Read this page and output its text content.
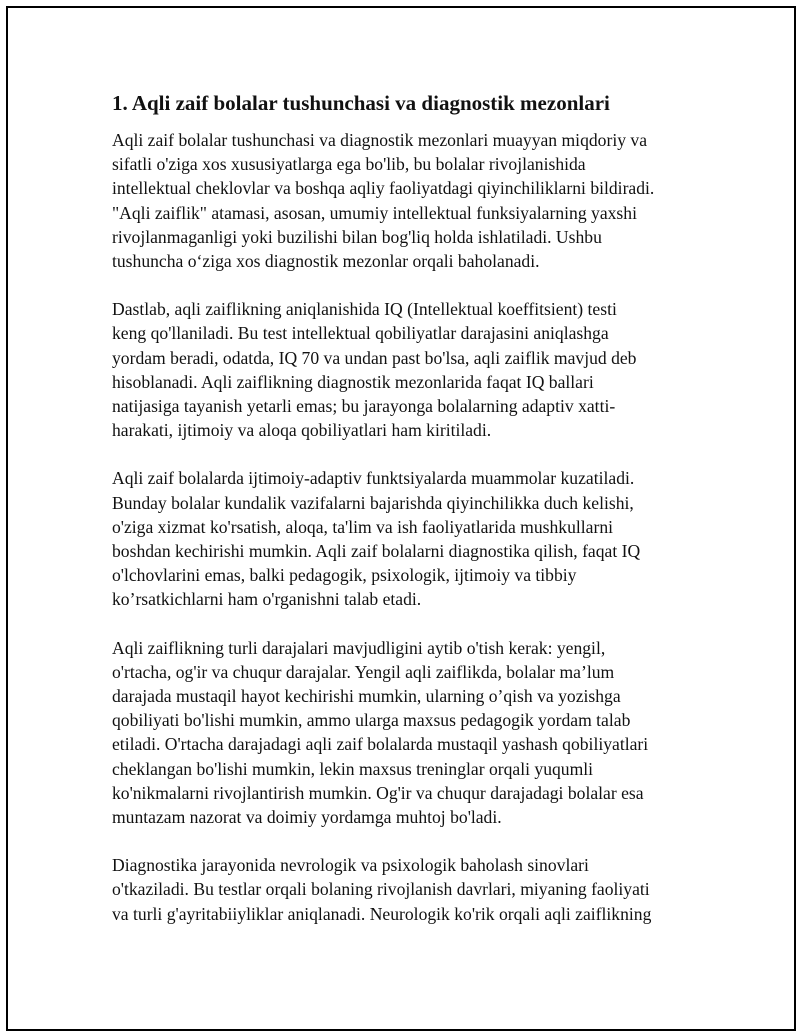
1. Aqli zaif bolalar tushunchasi va diagnostik mezonlari
Aqli zaif bolalar tushunchasi va diagnostik mezonlari muayyan miqdoriy va
sifatli o'ziga xos xususiyatlarga ega bo'lib, bu bolalar rivojlanishida
intellektual cheklovlar va boshqa aqliy faoliyatdagi qiyinchiliklarni bildiradi.
"Aqli zaiflik" atamasi, asosan, umumiy intellektual funksiyalarning yaxshi
rivojlanmaganligi yoki buzilishi bilan bog'liq holda ishlatiladi. Ushbu
tushuncha o‘ziga xos diagnostik mezonlar orqali baholanadi.
Dastlab, aqli zaiflikning aniqlanishida IQ (Intellektual koeffitsient) testi
keng qo'llaniladi. Bu test intellektual qobiliyatlar darajasini aniqlashga
yordam beradi, odatda, IQ 70 va undan past bo'lsa, aqli zaiflik mavjud deb
hisoblanadi. Aqli zaiflikning diagnostik mezonlarida faqat IQ ballari
natijasiga tayanish yetarli emas; bu jarayonga bolalarning adaptiv xatti-
harakati, ijtimoiy va aloqa qobiliyatlari ham kiritiladi.
Aqli zaif bolalarda ijtimoiy-adaptiv funktsiyalarda muammolar kuzatiladi.
Bunday bolalar kundalik vazifalarni bajarishda qiyinchilikka duch kelishi,
o'ziga xizmat ko'rsatish, aloqa, ta'lim va ish faoliyatlarida mushkullarni
boshdan kechirishi mumkin. Aqli zaif bolalarni diagnostika qilish, faqat IQ
o'lchovlarini emas, balki pedagogik, psixologik, ijtimoiy va tibbiy
ko’rsatkichlarni ham o'rganishni talab etadi.
Aqli zaiflikning turli darajalari mavjudligini aytib o'tish kerak: yengil,
o'rtacha, og'ir va chuqur darajalar. Yengil aqli zaiflikda, bolalar ma’lum
darajada mustaqil hayot kechirishi mumkin, ularning o’qish va yozishga
qobiliyati bo'lishi mumkin, ammo ularga maxsus pedagogik yordam talab
etiladi. O'rtacha darajadagi aqli zaif bolalarda mustaqil yashash qobiliyatlari
cheklangan bo'lishi mumkin, lekin maxsus treninglar orqali yuqumli
ko'nikmalarni rivojlantirish mumkin. Og'ir va chuqur darajadagi bolalar esa
muntazam nazorat va doimiy yordamga muhtoj bo'ladi.
Diagnostika jarayonida nevrologik va psixologik baholash sinovlari
o'tkaziladi. Bu testlar orqali bolaning rivojlanish davrlari, miyaning faoliyati
va turli g'ayritabiiyliklar aniqlanadi. Neurologik ko'rik orqali aqli zaiflikning
